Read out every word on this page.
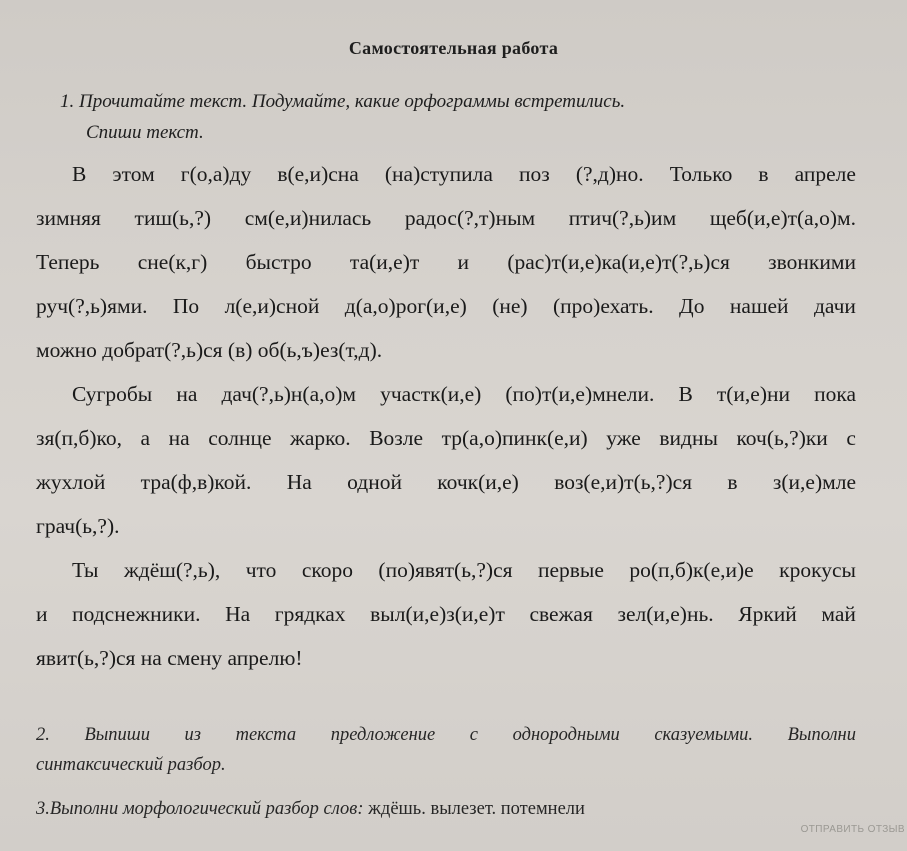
Самостоятельная работа
1. Прочитайте текст. Подумайте, какие орфограммы встретились.
Спиши текст.
В этом г(о,а)ду в(е,и)сна (на)ступила поз (?,д)но. Только в апреле
зимняя тиш(ь,?) см(е,и)нилась радос(?,т)ным птич(?,ь)им щеб(и,е)т(а,о)м.
Теперь сне(к,г) быстро та(и,е)т и (рас)т(и,е)ка(и,е)т(?,ь)ся звонкими
руч(?,ь)ями. По л(е,и)сной д(а,о)рог(и,е) (не) (про)ехать. До нашей дачи
можно добрат(?,ь)ся (в) об(ь,ъ)ез(т,д).
Сугробы на дач(?,ь)н(а,о)м участк(и,е) (по)т(и,е)мнели. В т(и,е)ни пока
зя(п,б)ко, а на солнце жарко. Возле тр(а,о)пинк(е,и) уже видны коч(ь,?)ки с
жухлой тра(ф,в)кой. На одной кочк(и,е) воз(е,и)т(ь,?)ся в з(и,е)мле
грач(ь,?).
Ты ждёш(?,ь), что скоро (по)явят(ь,?)ся первые ро(п,б)к(е,и)е крокусы
и подснежники. На грядках выл(и,е)з(и,е)т свежая зел(и,е)нь. Яркий май
явит(ь,?)ся на смену апрелю!
2. Выпиши из текста предложение с однородными сказуемыми. Выполни
синтаксический разбор.
3.Выполни морфологический разбор слов: ждёшь. вылезет. потемнели
ОТПРАВИТЬ ОТЗЫВ
